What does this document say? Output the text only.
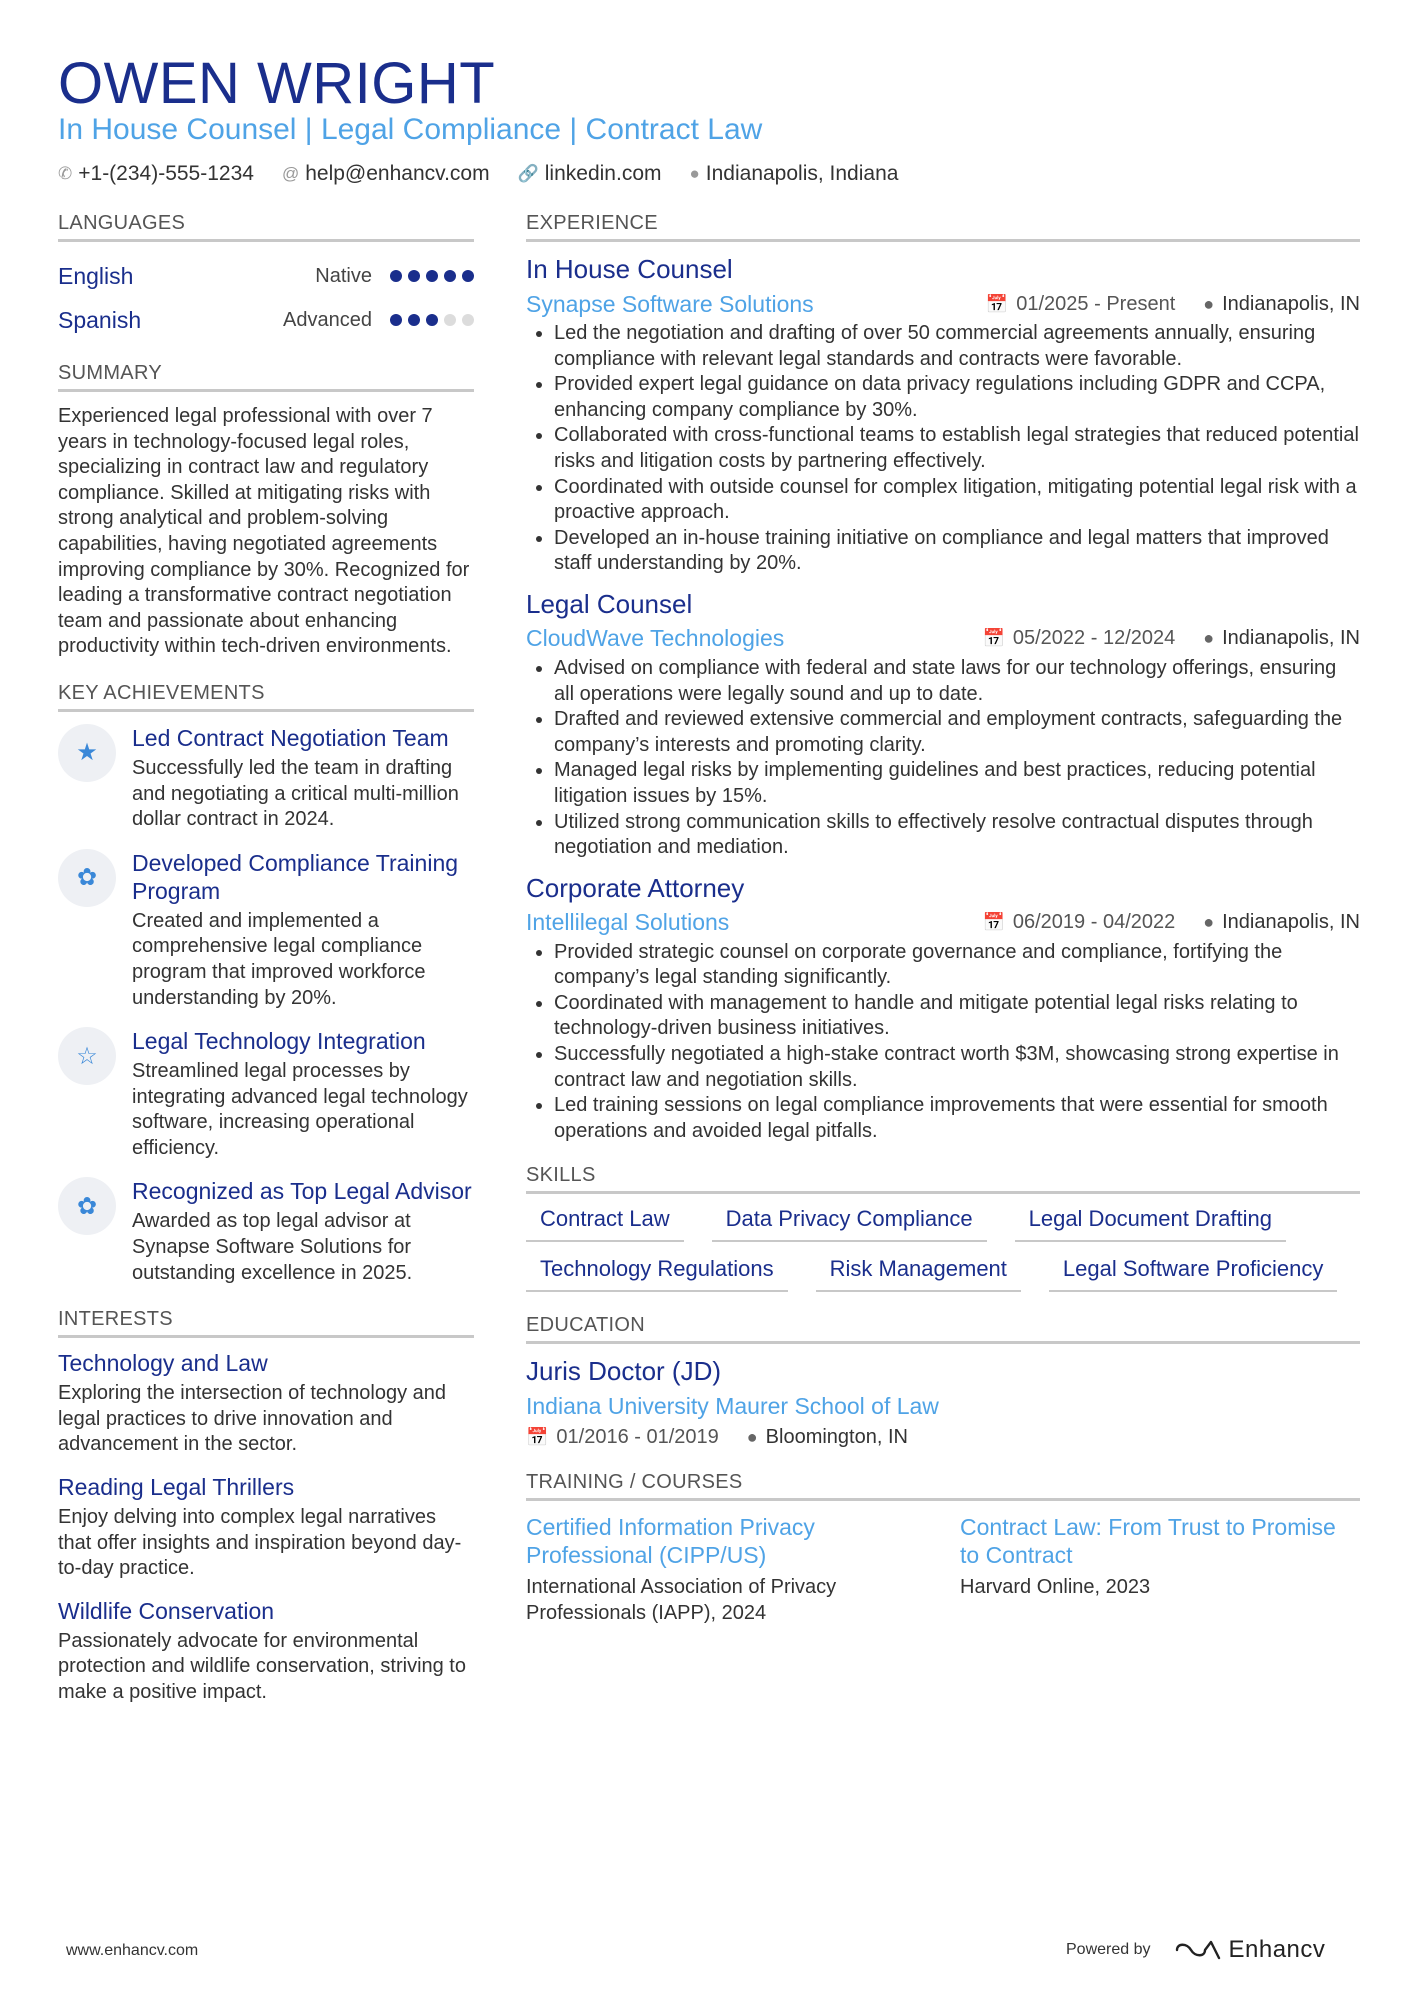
OWEN WRIGHT
In House Counsel | Legal Compliance | Contract Law
✆ +1-(234)-555-1234 @ help@enhancv.com 🔗 linkedin.com ● Indianapolis, Indiana
LANGUAGES
English	Native
Spanish	Advanced
SUMMARY

Experienced legal professional with over 7 years in technology-focused legal roles, specializing in contract law and regulatory compliance. Skilled at mitigating risks with strong analytical and problem-solving capabilities, having negotiated agreements improving compliance by 30%. Recognized for leading a transformative contract negotiation team and passionate about enhancing productivity within tech-driven environments.

KEY ACHIEVEMENTS
★
Led Contract Negotiation Team
Successfully led the team in drafting and negotiating a critical multi-million dollar contract in 2024.
✿
Developed Compliance Training Program
Created and implemented a comprehensive legal compliance program that improved workforce understanding by 20%.
☆
Legal Technology Integration
Streamlined legal processes by integrating advanced legal technology software, increasing operational efficiency.
✿
Recognized as Top Legal Advisor
Awarded as top legal advisor at Synapse Software Solutions for outstanding excellence in 2025.
INTERESTS
Technology and Law
Exploring the intersection of technology and legal practices to drive innovation and advancement in the sector.
Reading Legal Thrillers
Enjoy delving into complex legal narratives that offer insights and inspiration beyond day-to-day practice.
Wildlife Conservation
Passionately advocate for environmental protection and wildlife conservation, striving to make a positive impact.
EXPERIENCE
In House Counsel
Synapse Software Solutions	📅 01/2025 - Present ● Indianapolis, IN
• Led the negotiation and drafting of over 50 commercial agreements annually, ensuring compliance with relevant legal standards and contracts were favorable.
• Provided expert legal guidance on data privacy regulations including GDPR and CCPA, enhancing company compliance by 30%.
• Collaborated with cross-functional teams to establish legal strategies that reduced potential risks and litigation costs by partnering effectively.
• Coordinated with outside counsel for complex litigation, mitigating potential legal risk with a proactive approach.
• Developed an in-house training initiative on compliance and legal matters that improved staff understanding by 20%.
Legal Counsel
CloudWave Technologies	📅 05/2022 - 12/2024 ● Indianapolis, IN
• Advised on compliance with federal and state laws for our technology offerings, ensuring all operations were legally sound and up to date.
• Drafted and reviewed extensive commercial and employment contracts, safeguarding the company’s interests and promoting clarity.
• Managed legal risks by implementing guidelines and best practices, reducing potential litigation issues by 15%.
• Utilized strong communication skills to effectively resolve contractual disputes through negotiation and mediation.
Corporate Attorney
Intellilegal Solutions	📅 06/2019 - 04/2022 ● Indianapolis, IN
• Provided strategic counsel on corporate governance and compliance, fortifying the company’s legal standing significantly.
• Coordinated with management to handle and mitigate potential legal risks relating to technology-driven business initiatives.
• Successfully negotiated a high-stake contract worth $3M, showcasing strong expertise in contract law and negotiation skills.
• Led training sessions on legal compliance improvements that were essential for smooth operations and avoided legal pitfalls.
SKILLS
Contract Law	Data Privacy Compliance	Legal Document Drafting
Technology Regulations	Risk Management	Legal Software Proficiency
EDUCATION
Juris Doctor (JD)
Indiana University Maurer School of Law
📅 01/2016 - 01/2019 ● Bloomington, IN
TRAINING / COURSES
Certified Information Privacy Professional (CIPP/US)
International Association of Privacy Professionals (IAPP), 2024
Contract Law: From Trust to Promise to Contract
Harvard Online, 2023
www.enhancv.com	Powered by	Enhancv
